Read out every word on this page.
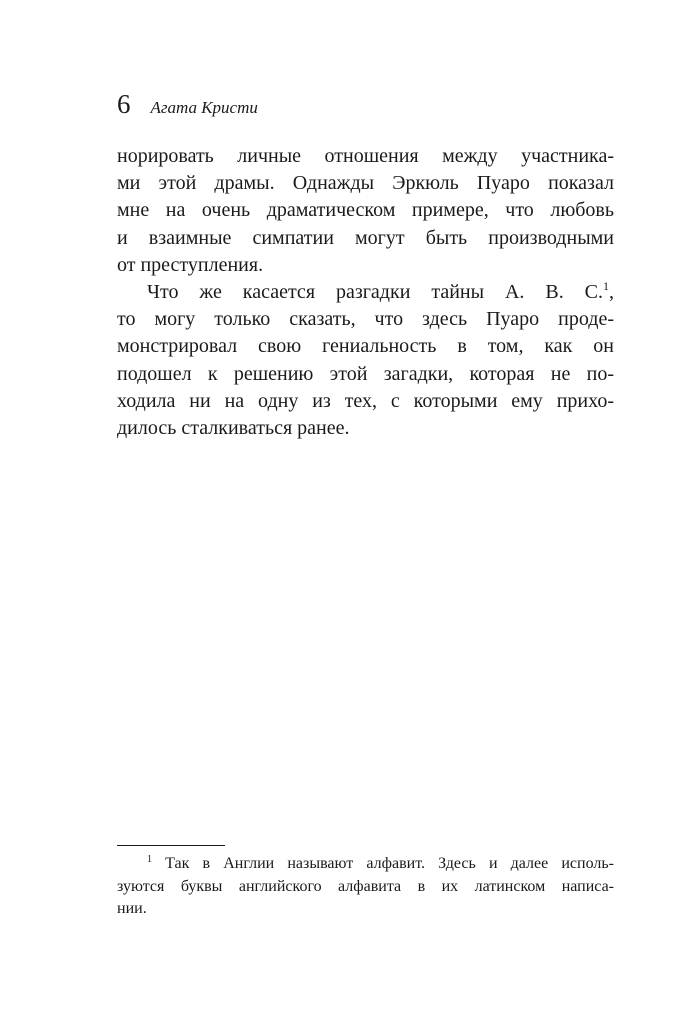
6 Агата Кристи
норировать личные отношения между участника-
ми этой драмы. Однажды Эркюль Пуаро показал
мне на очень драматическом примере, что любовь
и взаимные симпатии могут быть производными
от преступления.
Что же касается разгадки тайны А. В. С.$^1$,
то могу только сказать, что здесь Пуаро проде-
монстрировал свою гениальность в том, как он
подошел к решению этой загадки, которая не по-
ходила ни на одну из тех, с которыми ему прихо-
дилось сталкиваться ранее.
$^1$ Так в Англии называют алфавит. Здесь и далее исполь-
зуются буквы английского алфавита в их латинском написа-
нии.
